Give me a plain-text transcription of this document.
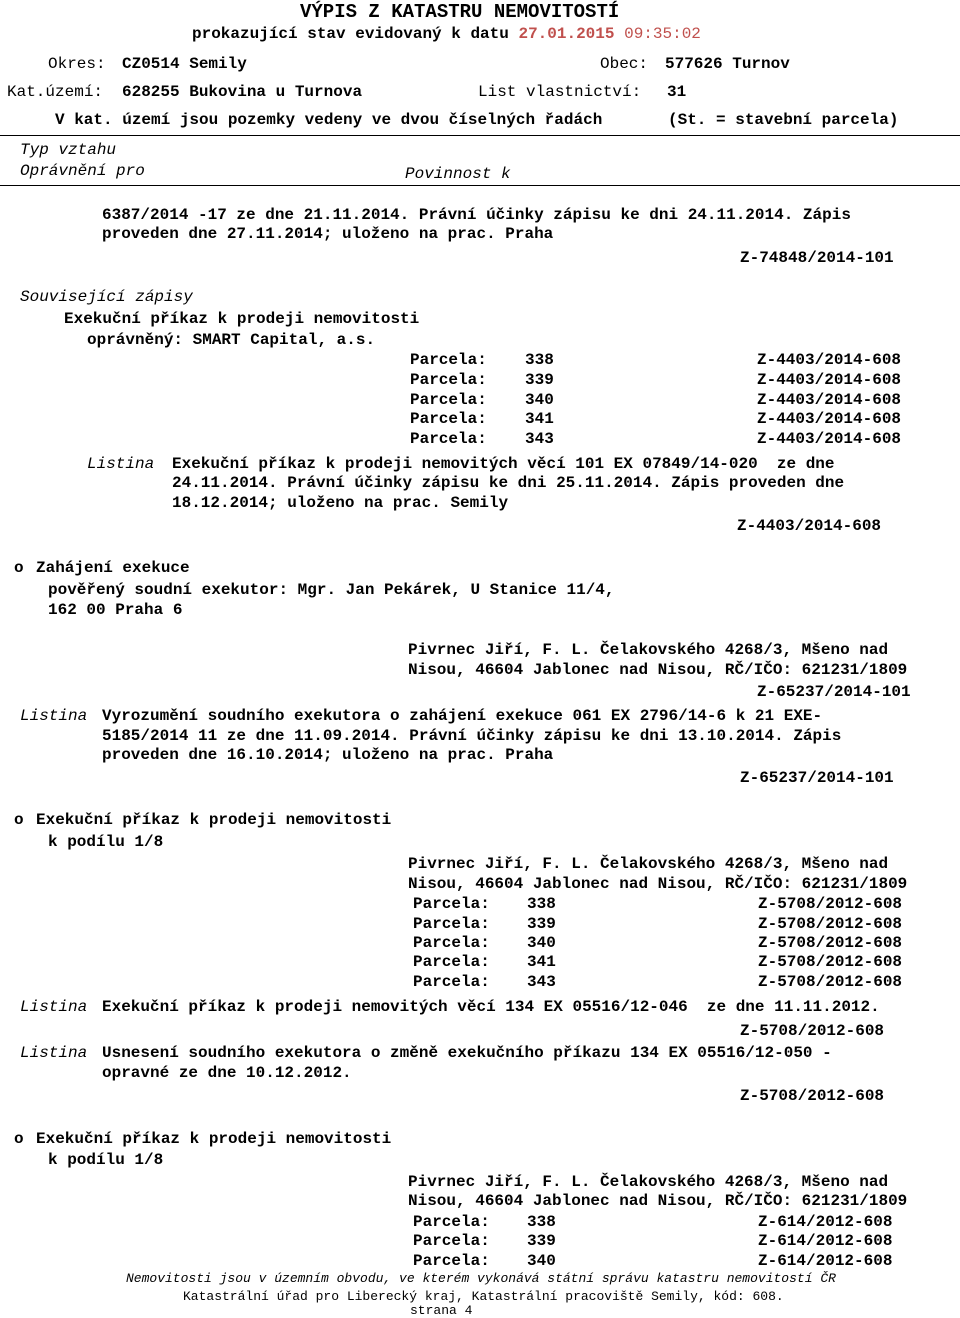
VÝPIS Z KATASTRU NEMOVITOSTÍ
prokazující stav evidovaný k datu 27.01.2015 09:35:02
Okres: CZ0514 Semily	Obec: 577626 Turnov
Kat.území: 628255 Bukovina u Turnova	List vlastnictví: 31
V kat. území jsou pozemky vedeny ve dvou číselných řadách	(St. = stavební parcela)
Typ vztahu
Oprávnění pro	Povinnost k
6387/2014 -17 ze dne 21.11.2014. Právní účinky zápisu ke dni 24.11.2014. Zápis
proveden dne 27.11.2014; uloženo na prac. Praha
Z-74848/2014-101
Související zápisy
Exekuční příkaz k prodeji nemovitosti
oprávněný: SMART Capital, a.s.
Parcela: 338	Z-4403/2014-608
Parcela: 339	Z-4403/2014-608
Parcela: 340	Z-4403/2014-608
Parcela: 341	Z-4403/2014-608
Parcela: 343	Z-4403/2014-608
Listina Exekuční příkaz k prodeji nemovitých věcí 101 EX 07849/14-020  ze dne
24.11.2014. Právní účinky zápisu ke dni 25.11.2014. Zápis proveden dne
18.12.2014; uloženo na prac. Semily
Z-4403/2014-608
o Zahájení exekuce
pověřený soudní exekutor: Mgr. Jan Pekárek, U Stanice 11/4,
162 00 Praha 6
Pivrnec Jiří, F. L. Čelakovského 4268/3, Mšeno nad
Nisou, 46604 Jablonec nad Nisou, RČ/IČO: 621231/1809
Z-65237/2014-101
Listina Vyrozumění soudního exekutora o zahájení exekuce 061 EX 2796/14-6 k 21 EXE-
5185/2014 11 ze dne 11.09.2014. Právní účinky zápisu ke dni 13.10.2014. Zápis
proveden dne 16.10.2014; uloženo na prac. Praha
Z-65237/2014-101
o Exekuční příkaz k prodeji nemovitosti
k podílu 1/8
Pivrnec Jiří, F. L. Čelakovského 4268/3, Mšeno nad
Nisou, 46604 Jablonec nad Nisou, RČ/IČO: 621231/1809
Parcela: 338	Z-5708/2012-608
Parcela: 339	Z-5708/2012-608
Parcela: 340	Z-5708/2012-608
Parcela: 341	Z-5708/2012-608
Parcela: 343	Z-5708/2012-608
Listina Exekuční příkaz k prodeji nemovitých věcí 134 EX 05516/12-046  ze dne 11.11.2012.
Z-5708/2012-608
Listina Usnesení soudního exekutora o změně exekučního příkazu 134 EX 05516/12-050 -
opravné ze dne 10.12.2012.
Z-5708/2012-608
o Exekuční příkaz k prodeji nemovitosti
k podílu 1/8
Pivrnec Jiří, F. L. Čelakovského 4268/3, Mšeno nad
Nisou, 46604 Jablonec nad Nisou, RČ/IČO: 621231/1809
Parcela: 338	Z-614/2012-608
Parcela: 339	Z-614/2012-608
Parcela: 340	Z-614/2012-608
Nemovitosti jsou v územním obvodu, ve kterém vykonává státní správu katastru nemovitostí ČR
Katastrální úřad pro Liberecký kraj, Katastrální pracoviště Semily, kód: 608.
strana 4
